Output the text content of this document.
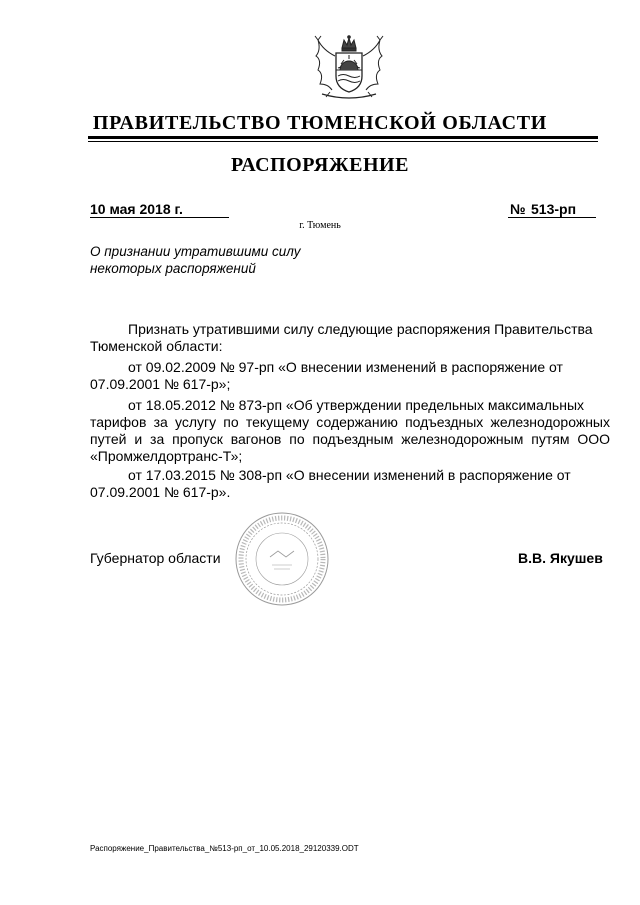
ПРАВИТЕЛЬСТВО ТЮМЕНСКОЙ ОБЛАСТИ
РАСПОРЯЖЕНИЕ
10 мая 2018 г.
г. Тюмень
№ 513-рп
О признании утратившими силу
некоторых распоряжений
Признать утратившими силу следующие распоряжения Правительства
Тюменской области:
от 09.02.2009 № 97-рп «О внесении изменений в распоряжение от
07.09.2001 № 617-р»;
от 18.05.2012 № 873-рп «Об утверждении предельных максимальных
тарифов за услугу по текущему содержанию подъездных железнодорожных путей и за пропуск вагонов по подъездным железнодорожным путям ООО «Промжелдортранс-Т»;
от 17.03.2015 № 308-рп «О внесении изменений в распоряжение от
07.09.2001 № 617-р».
Губернатор области	В.В. Якушев
Распоряжение_Правительства_№513-рп_от_10.05.2018_29120339.ODT
